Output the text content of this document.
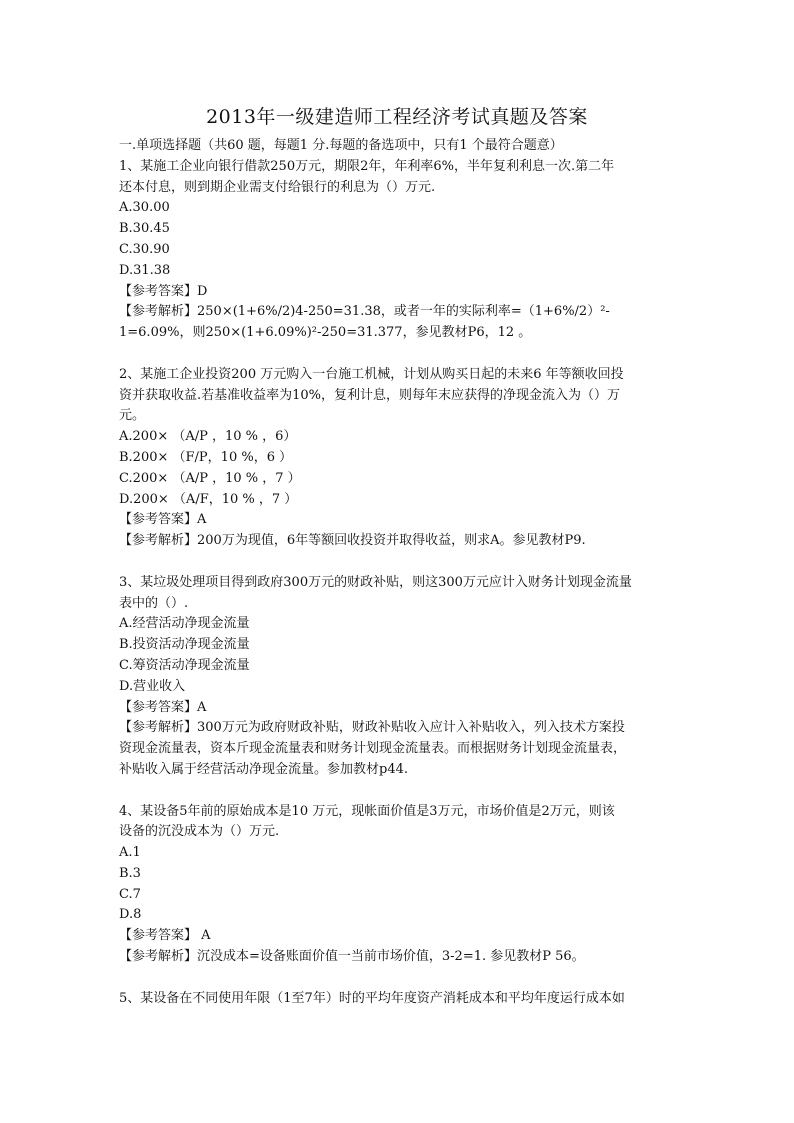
2013年一级建造师工程经济考试真题及答案

一.单项选择题（共60 题，每题1 分.每题的备选项中，只有1 个最符合题意）

1、某施工企业向银行借款250万元，期限2年，年利率6%，半年复利利息一次.第二年

还本付息，则到期企业需支付给银行的利息为（）万元.

A.30.00

B.30.45

C.30.90

D.31.38

【参考答案】D

【参考解析】250×(1+6%/2)4-250=31.38，或者一年的实际利率=（1+6%/2）²-

1=6.09%，则250×(1+6.09%)²-250=31.377，参见教材P6，12 。

2、某施工企业投资200 万元购入一台施工机械，计划从购买日起的未来6 年等额收回投

资并获取收益.若基准收益率为10%，复利计息，则每年末应获得的净现金流入为（）万

元。

A.200× （A/P ，10 % ，6）

B.200× （F/P，10 %，6 ）

C.200× （A/P ，10 % ，7 ）

D.200× （A/F，10 % ，7 ）

【参考答案】A

【参考解析】200万为现值，6年等额回收投资并取得收益，则求A。参见教材P9.

3、某垃圾处理项目得到政府300万元的财政补贴，则这300万元应计入财务计划现金流量

表中的（）.

A.经营活动净现金流量

B.投资活动净现金流量

C.筹资活动净现金流量

D.营业收入

【参考答案】A

【参考解析】300万元为政府财政补贴，财政补贴收入应计入补贴收入，列入技术方案投

资现金流量表，资本斤现金流量表和财务计划现金流量表。而根据财务计划现金流量表，

补贴收入属于经营活动净现金流量。参加教材p44.

4、某设备5年前的原始成本是10 万元，现帐面价值是3万元，市场价值是2万元，则该

设备的沉没成本为（）万元.

A.1

B.3

C.7

D.8

【参考答案】 A

【参考解析】沉没成本=设备账面价值一当前市场价值，3-2=1. 参见教材P 56。

5、某设备在不同使用年限（1至7年）时的平均年度资产消耗成本和平均年度运行成本如
